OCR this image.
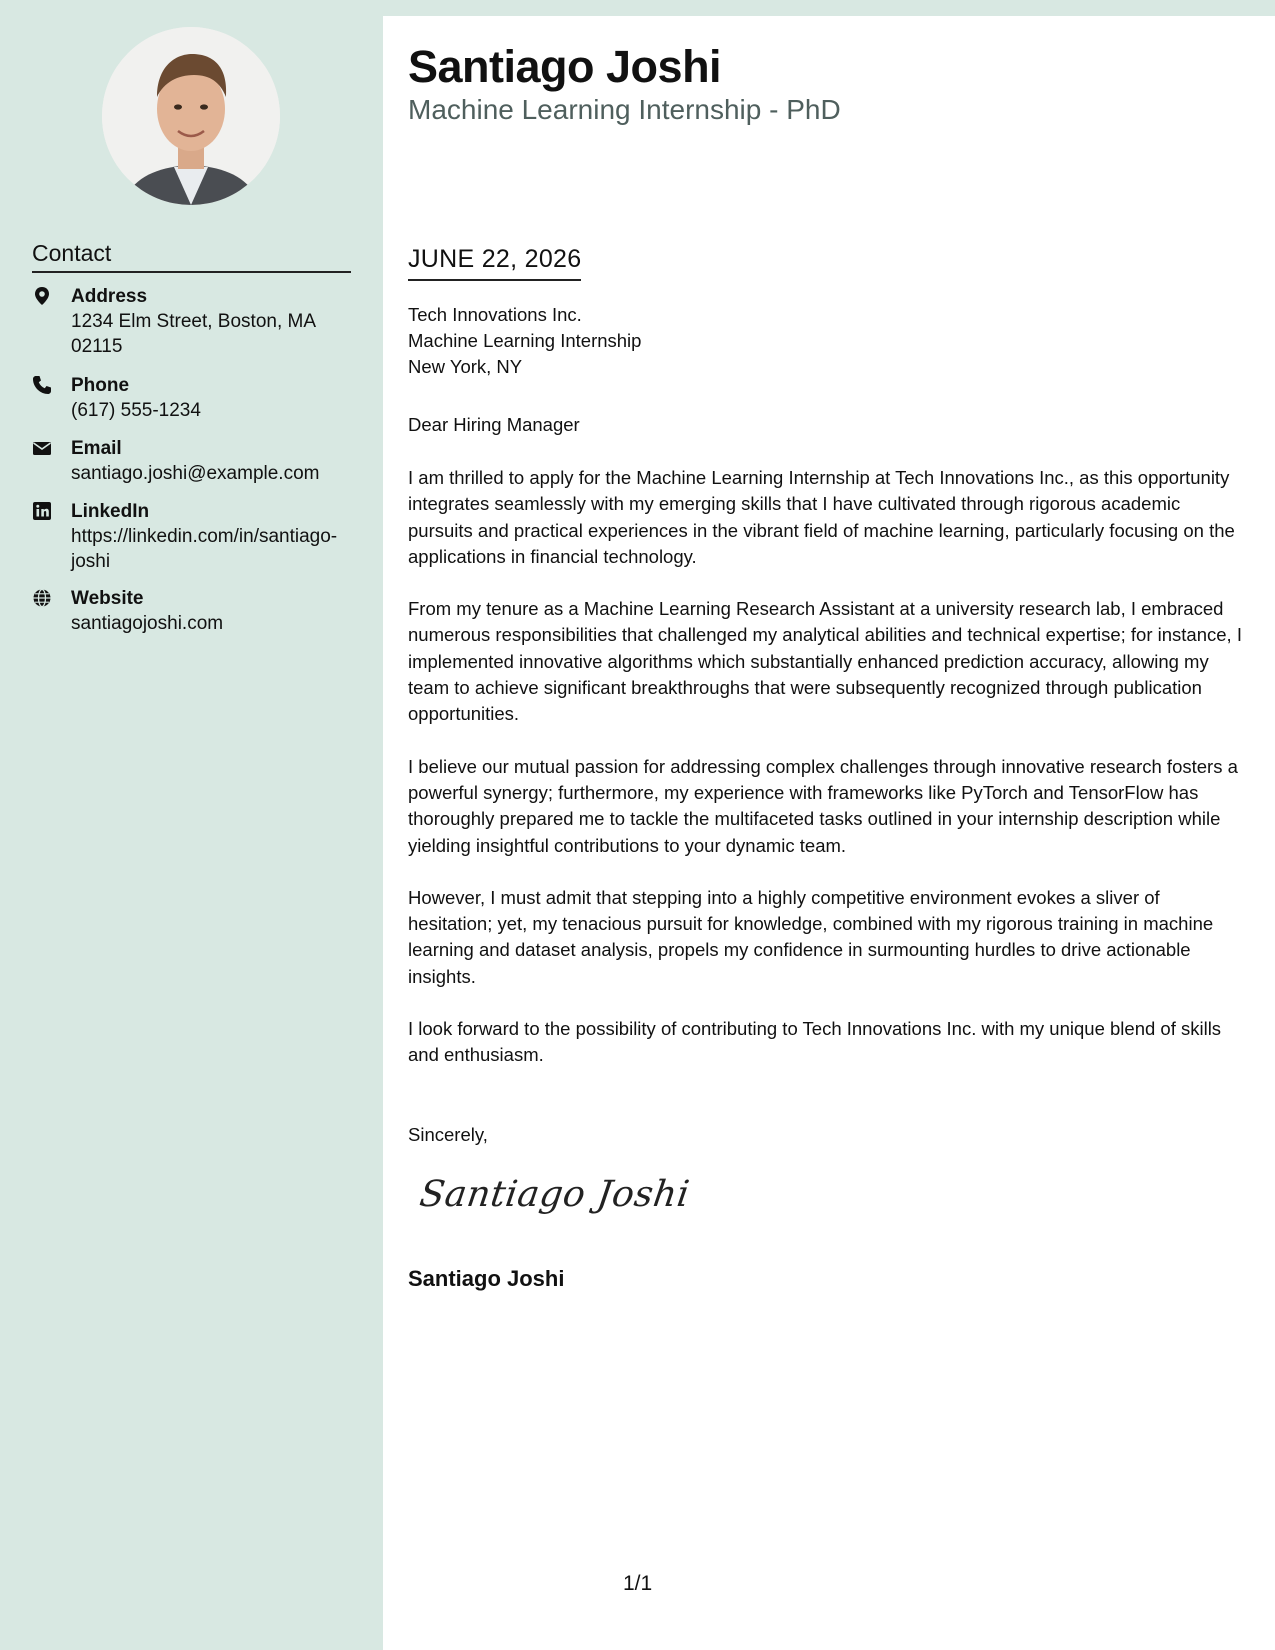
Contact
Address
1234 Elm Street, Boston, MA 02115
Phone
(617) 555-1234
Email
santiago.joshi@example.com
LinkedIn
https://linkedin.com/in/santiago-joshi
Website
santiagojoshi.com
Santiago Joshi
Machine Learning Internship - PhD
JUNE 22, 2026
Tech Innovations Inc.
Machine Learning Internship
New York, NY
Dear Hiring Manager

I am thrilled to apply for the Machine Learning Internship at Tech Innovations Inc., as this opportunity integrates seamlessly with my emerging skills that I have cultivated through rigorous academic pursuits and practical experiences in the vibrant field of machine learning, particularly focusing on the applications in financial technology.

From my tenure as a Machine Learning Research Assistant at a university research lab, I embraced numerous responsibilities that challenged my analytical abilities and technical expertise; for instance, I implemented innovative algorithms which substantially enhanced prediction accuracy, allowing my team to achieve significant breakthroughs that were subsequently recognized through publication opportunities.

I believe our mutual passion for addressing complex challenges through innovative research fosters a powerful synergy; furthermore, my experience with frameworks like PyTorch and TensorFlow has thoroughly prepared me to tackle the multifaceted tasks outlined in your internship description while yielding insightful contributions to your dynamic team.

However, I must admit that stepping into a highly competitive environment evokes a sliver of hesitation; yet, my tenacious pursuit for knowledge, combined with my rigorous training in machine learning and dataset analysis, propels my confidence in surmounting hurdles to drive actionable insights.

I look forward to the possibility of contributing to Tech Innovations Inc. with my unique blend of skills and enthusiasm.

Sincerely,
Santiago Joshi
Santiago Joshi
1/1
